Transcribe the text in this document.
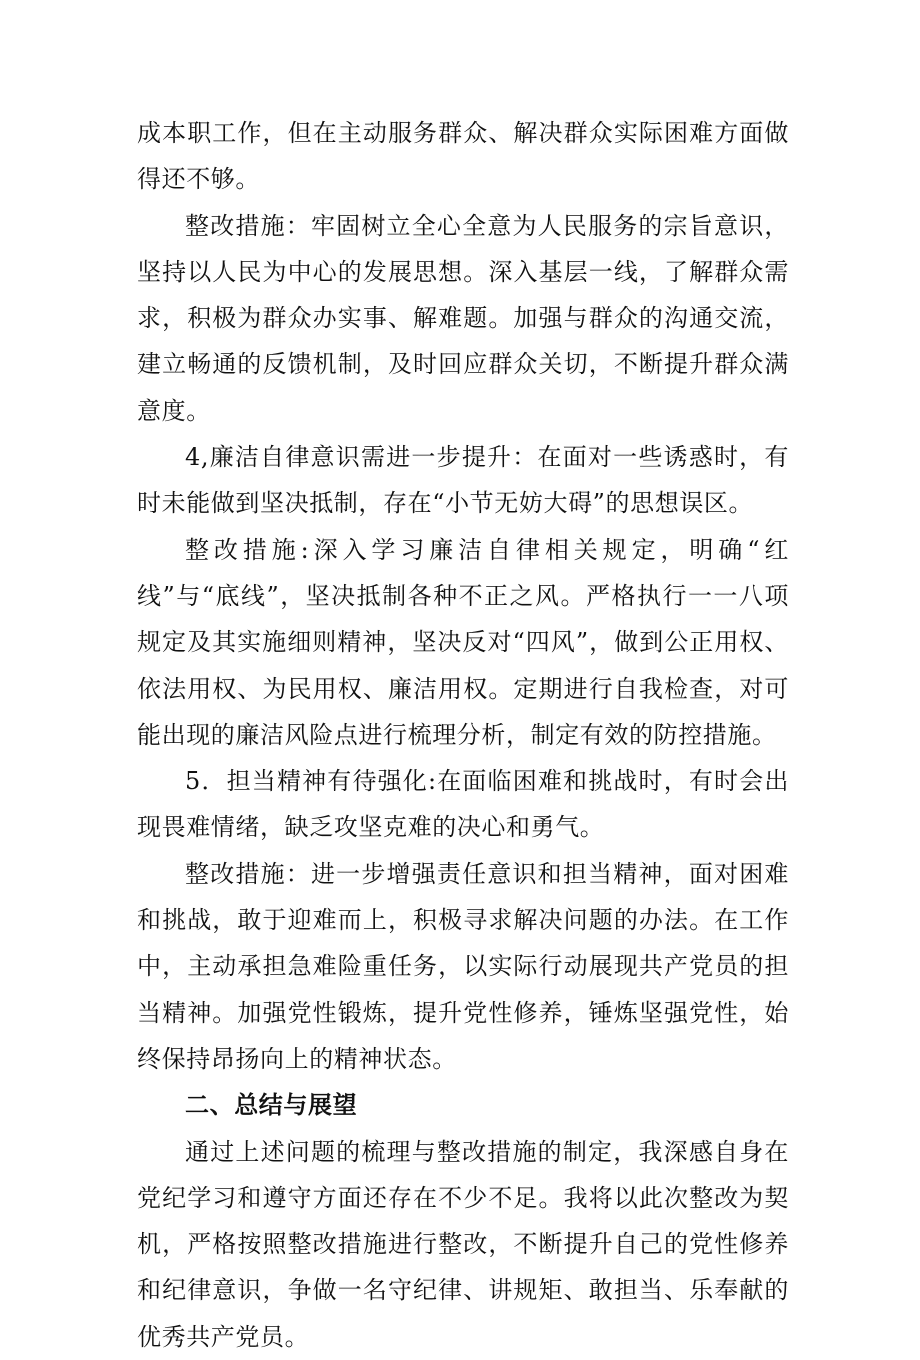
成本职工作，但在主动服务群众、解决群众实际困难方面做得还不够。

整改措施：牢固树立全心全意为人民服务的宗旨意识，坚持以人民为中心的发展思想。深入基层一线，了解群众需求，积极为群众办实事、解难题。加强与群众的沟通交流，建立畅通的反馈机制，及时回应群众关切，不断提升群众满意度。

4,廉洁自律意识需进一步提升：在面对一些诱惑时，有时未能做到坚决抵制，存在“小节无妨大碍”的思想误区。

整改措施:深入学习廉洁自律相关规定，明确“红线”与“底线”，坚决抵制各种不正之风。严格执行一一八项规定及其实施细则精神，坚决反对“四风”，做到公正用权、依法用权、为民用权、廉洁用权。定期进行自我检查，对可能出现的廉洁风险点进行梳理分析，制定有效的防控措施。

5．担当精神有待强化:在面临困难和挑战时，有时会出现畏难情绪，缺乏攻坚克难的决心和勇气。

整改措施：进一步增强责任意识和担当精神，面对困难和挑战，敢于迎难而上，积极寻求解决问题的办法。在工作中，主动承担急难险重任务，以实际行动展现共产党员的担当精神。加强党性锻炼，提升党性修养，锤炼坚强党性，始终保持昂扬向上的精神状态。

二、总结与展望

通过上述问题的梳理与整改措施的制定，我深感自身在党纪学习和遵守方面还存在不少不足。我将以此次整改为契机，严格按照整改措施进行整改，不断提升自己的党性修养和纪律意识，争做一名守纪律、讲规矩、敢担当、乐奉献的优秀共产党员。
